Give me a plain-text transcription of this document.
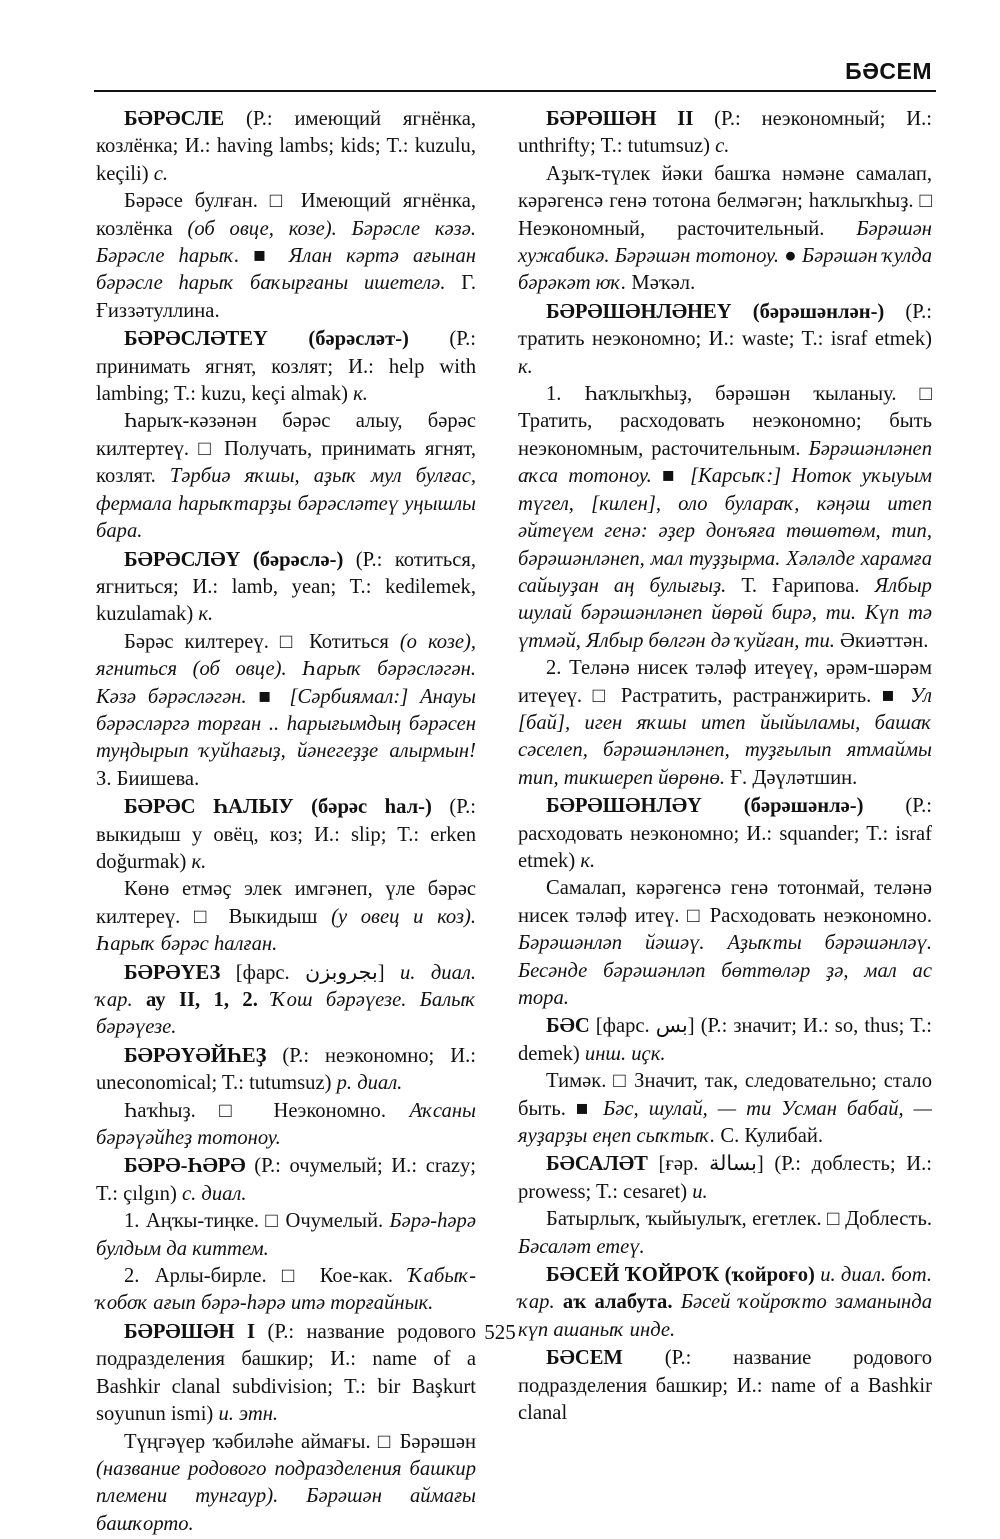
БӘСЕМ

БӘРӘСЛЕ (Р.: имеющий ягнёнка, козлёнка; И.: having lambs; kids; T.: kuzulu, keçili) с.

Бәрәсе булған. □ Имеющий ягнёнка, козлёнка (об овце, козе). Бәрәсле кәзә. Бәрәсле һарыҡ. ■ Ялан кәртә ағынан бәрәсле һарыҡ баҡырғаны ишетелә. Г. Ғиззәтуллина.

БӘРӘСЛӘТЕҮ (бәрәсләт-) (Р.: принимать ягнят, козлят; И.: help with lambing; T.: kuzu, keçi almak) к.

Һарыҡ-кәзәнән бәрәс алыу, бәрәс килтертеү. □ Получать, принимать ягнят, козлят. Тәрбиә яҡшы, аҙыҡ мул булғас, фермала һарыҡтарҙы бәрәсләтеү уңышлы бара.

БӘРӘСЛӘҮ (бәрәслә-) (Р.: котиться, ягниться; И.: lamb, yean; T.: kedilemek, kuzulamak) к.

Бәрәс килтереү. □ Котиться (о козе), ягниться (об овце). Һарыҡ бәрәсләгән. Кәзә бәрәсләгән. ■ [Сәрбиямал:] Анауы бәрәсләргә торған .. һарығымдың бәрәсен туңдырып ҡуйһағыҙ, йәнегеҙҙе алырмын! З. Биишева.

БӘРӘС ҺАЛЫУ (бәрәс һал-) (Р.: выкидыш у овёц, коз; И.: slip; T.: erken doğurmak) к.

Көнө етмәҫ элек имгәнеп, үле бәрәс килтереү. □ Выкидыш (у овец и коз). Һарыҡ бәрәс һалған.

БӘРӘҮЕЗ [фарс. بجروبزن] и. диал. ҡар. ау II, 1, 2. Ҡош бәрәүезе. Балыҡ бәрәүезе.

БӘРӘҮӘЙҺЕҘ (Р.: неэкономно; И.: uneconomical; T.: tutumsuz) р. диал.

Һаҡһыҙ. □ Неэкономно. Аҡсаны бәрәүәйһеҙ тотоноу.

БӘРӘ-ҺӘРӘ (Р.: очумелый; И.: crazy; T.: çılgın) с. диал.

1. Аңҡы-тиңке. □ Очумелый. Бәрә-һәрә булдым да киттем.

2. Арлы-бирле. □ Кое-как. Ҡабыҡ-ҡобоҡ ағып бәрә-һәрә итә торғайнык.

БӘРӘШӘН I (Р.: название родового подразделения башкир; И.: name of a Bashkir clanal subdivision; T.: bir Başkurt soyunun ismi) и. этн.

Түңгәүер ҡәбиләһе аймағы. □ Бәрәшән (название родового подразделения башкир племени тунгаур). Бәрәшән аймағы башҡорто.

БӘРӘШӘН II (Р.: неэкономный; И.: unthrifty; T.: tutumsuz) с.

Аҙыҡ-түлек йәки башҡа нәмәне самалап, кәрәгенсә генә тотона белмәгән; һаҡлыҡһыҙ. □ Неэкономный, расточительный. Бәрәшән хужабикә. Бәрәшән тотоноу. ● Бәрәшән ҡулда бәрәкәт юҡ. Мәҡәл.

БӘРӘШӘНЛӘНЕҮ (бәрәшәнлән-) (Р.: тратить неэкономно; И.: waste; T.: israf etmek) к.

1. Һаҡлыҡһыҙ, бәрәшән ҡыланыу. □ Тратить, расходовать неэкономно; быть неэкономным, расточительным. Бәрәшәнләнеп аҡса тотоноу. ■ [Карсыҡ:] Ноток уҡыуым түгел, [килен], оло булараҡ, кәңәш итеп әйтеүем генә: әҙер донъяға төшөтөм, тип, бәрәшәнләнеп, мал туҙҙырма. Хәләлде харамға сайыуҙан аң булығыҙ. Т. Ғарипова. Ялбыр шулай бәрәшәнләнеп йөрөй бирә, ти. Күп тә үтмәй, Ялбыр бөлгән дә ҡуйған, ти. Әкиәттән.

2. Теләнә нисек тәләф итеүеү, әрәм-шәрәм итеүеү. □ Растратить, растранжирить. ■ Ул [бай], иген яҡшы итеп йыйыламы, башаҡ сәселеп, бәрәшәнләнеп, туҙғылып ятмаймы тип, тикшереп йөрөнө. Ғ. Дәүләтшин.

БӘРӘШӘНЛӘҮ (бәрәшәнлә-) (Р.: расходовать неэкономно; И.: squander; T.: israf etmek) к.

Самалап, кәрәгенсә генә тотонмай, теләнә нисек тәләф итеү. □ Расходовать неэкономно. Бәрәшәнләп йәшәү. Аҙыҡты бәрәшәнләү. Бесәнде бәрәшәнләп бөттөләр ҙә, мал ас тора.

БӘС [фарс. بس] (Р.: значит; И.: so, thus; T.: demek) инш. иҫк.

Тимәк. □ Значит, так, следовательно; стало быть. ■ Бәс, шулай, — ти Усман бабай, — яуҙарҙы еңеп сыҡтыҡ. С. Кулибай.

БӘСАЛӘТ [ғәр. بسالة] (Р.: доблесть; И.: prowess; T.: cesaret) и.

Батырлыҡ, ҡыйыулыҡ, егетлек. □ Доблесть. Бәсаләт етеү.

БӘСЕЙ ҠОЙРОҠ (ҡойроғо) и. диал. бот. ҡар. аҡ алабута. Бәсей ҡойроҡто заманында күп ашаныҡ инде.

БӘСЕМ (Р.: название родового подразделения башкир; И.: name of a Bashkir clanal

525
